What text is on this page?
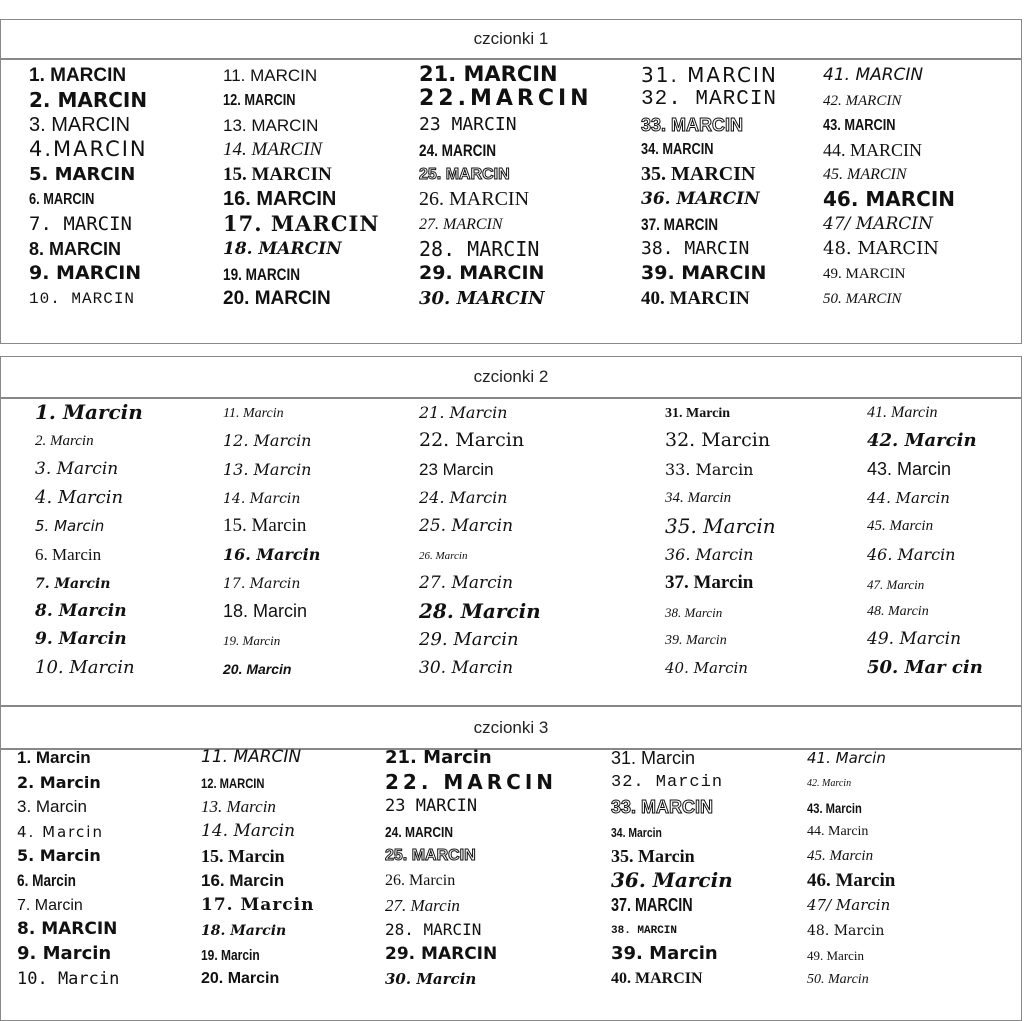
czcionki 1
1. MARCIN
2. MARCIN
3. MARCIN
4.MARCIN
5. MARCIN
6. MARCIN
7. MARCIN
8. MARCIN
9. MARCIN
10. MARCIN
11. MARCIN
12. MARCIN
13. MARCIN
14. MARCIN
15. MARCIN
16. MARCIN
17. MARCIN
18. MARCIN
19. MARCIN
20. MARCIN
21. MARCIN
22.MARCIN
23 MARCIN
24. MARCIN
25. MARCIN
26. MARCIN
27. MARCIN
28. MARCIN
29. MARCIN
30. MARCIN
31. MARCIN
32. MARCIN
33. MARCIN
34. MARCIN
35. MARCIN
36. MARCIN
37. MARCIN
38. MARCIN
39. MARCIN
40. MARCIN
41. MARCIN
42. MARCIN
43. MARCIN
44. MARCIN
45. MARCIN
46. MARCIN
47/ MARCIN
48. MARCIN
49. MARCIN
50. MARCIN
czcionki 2
1. Marcin
2. Marcin
3. Marcin
4. Marcin
5. Marcin
6. Marcin
7. Marcin
8. Marcin
9. Marcin
10. Marcin
11. Marcin
12. Marcin
13. Marcin
14. Marcin
15. Marcin
16. Marcin
17. Marcin
18. Marcin
19. Marcin
20. Marcin
21. Marcin
22. Marcin
23 Marcin
24. Marcin
25. Marcin
26. Marcin
27. Marcin
28. Marcin
29. Marcin
30. Marcin
31. Marcin
32. Marcin
33. Marcin
34. Marcin
35. Marcin
36. Marcin
37. Marcin
38. Marcin
39. Marcin
40. Marcin
41. Marcin
42. Marcin
43. Marcin
44. Marcin
45. Marcin
46. Marcin
47. Marcin
48. Marcin
49. Marcin
50. Mar cin
czcionki 3
1. Marcin
2. Marcin
3. Marcin
4. Marcin
5. Marcin
6. Marcin
7. Marcin
8. MARCIN
9. Marcin
10. Marcin
11. MARCIN
12. MARCIN
13. Marcin
14. Marcin
15. Marcin
16. Marcin
17. Marcin
18. Marcin
19. Marcin
20. Marcin
21. Marcin
22. MARCIN
23 MARCIN
24. MARCIN
25. MARCIN
26. Marcin
27. Marcin
28. MARCIN
29. MARCIN
30. Marcin
31. Marcin
32. Marcin
33. MARCIN
34. Marcin
35. Marcin
36. Marcin
37. MARCIN
38. MARCIN
39. Marcin
40. MARCIN
41. Marcin
42. Marcin
43. Marcin
44. Marcin
45. Marcin
46. Marcin
47/ Marcin
48. Marcin
49. Marcin
50. Marcin
